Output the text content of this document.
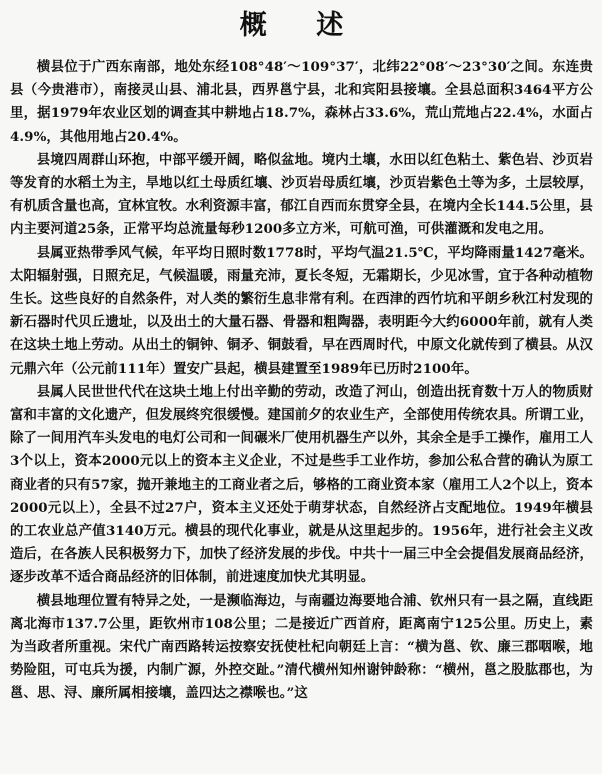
概 述

横县位于广西东南部，地处东经108°48′～109°37′，北纬22°08′～23°30′之间。东连贵县（今贵港市），南接灵山县、浦北县，西界邕宁县，北和宾阳县接壤。全县总面积3464平方公里，据1979年农业区划的调查其中耕地占18.7%，森林占33.6%，荒山荒地占22.4%，水面占4.9%，其他用地占20.4%。

县境四周群山环抱，中部平缓开阔，略似盆地。境内土壤，水田以红色粘土、紫色岩、沙页岩等发育的水稻土为主，旱地以红土母质红壤、沙页岩母质红壤，沙页岩紫色土等为多，土层较厚，有机质含量也高，宜林宜牧。水利资源丰富，郁江自西而东贯穿全县，在境内全长144.5公里，县内主要河道25条，正常平均总流量每秒1200多立方米，可航可渔，可供灌溉和发电之用。

县属亚热带季风气候，年平均日照时数1778时，平均气温21.5℃，平均降雨量1427毫米。太阳辐射强，日照充足，气候温暖，雨量充沛，夏长冬短，无霜期长，少见冰雪，宜于各种动植物生长。这些良好的自然条件，对人类的繁衍生息非常有利。在西津的西竹坑和平朗乡秋江村发现的新石器时代贝丘遗址，以及出土的大量石器、骨器和粗陶器，表明距今大约6000年前，就有人类在这块土地上劳动。从出土的铜钟、铜矛、铜鼓看，早在西周时代，中原文化就传到了横县。从汉元鼎六年（公元前111年）置安广县起，横县建置至1989年已历时2100年。

县属人民世世代代在这块土地上付出辛勤的劳动，改造了河山，创造出抚育数十万人的物质财富和丰富的文化遗产，但发展终究很缓慢。建国前夕的农业生产，全部使用传统农具。所谓工业，除了一间用汽车头发电的电灯公司和一间碾米厂使用机器生产以外，其余全是手工操作，雇用工人3个以上，资本2000元以上的资本主义企业，不过是些手工业作坊，参加公私合营的确认为原工商业者的只有57家，抛开兼地主的工商业者之后，够格的工商业资本家（雇用工人2个以上，资本2000元以上），全县不过27户，资本主义还处于萌芽状态，自然经济占支配地位。1949年横县的工农业总产值3140万元。横县的现代化事业，就是从这里起步的。1956年，进行社会主义改造后，在各族人民积极努力下，加快了经济发展的步伐。中共十一届三中全会提倡发展商品经济，逐步改革不适合商品经济的旧体制，前进速度加快尤其明显。

横县地理位置有特异之处，一是濒临海边，与南疆边海要地合浦、钦州只有一县之隔，直线距离北海市137.7公里，距钦州市108公里；二是接近广西首府，距离南宁125公里。历史上，素为当政者所重视。宋代广南西路转运按察安抚使杜杞向朝廷上言：“横为邕、钦、廉三郡咽喉，地势险阻，可屯兵为援，内制广源，外控交趾。”清代横州知州谢钟龄称：“横州，邕之股肱郡也，为邕、思、浔、廉所属相接壤，盖四达之襟喉也。”这
